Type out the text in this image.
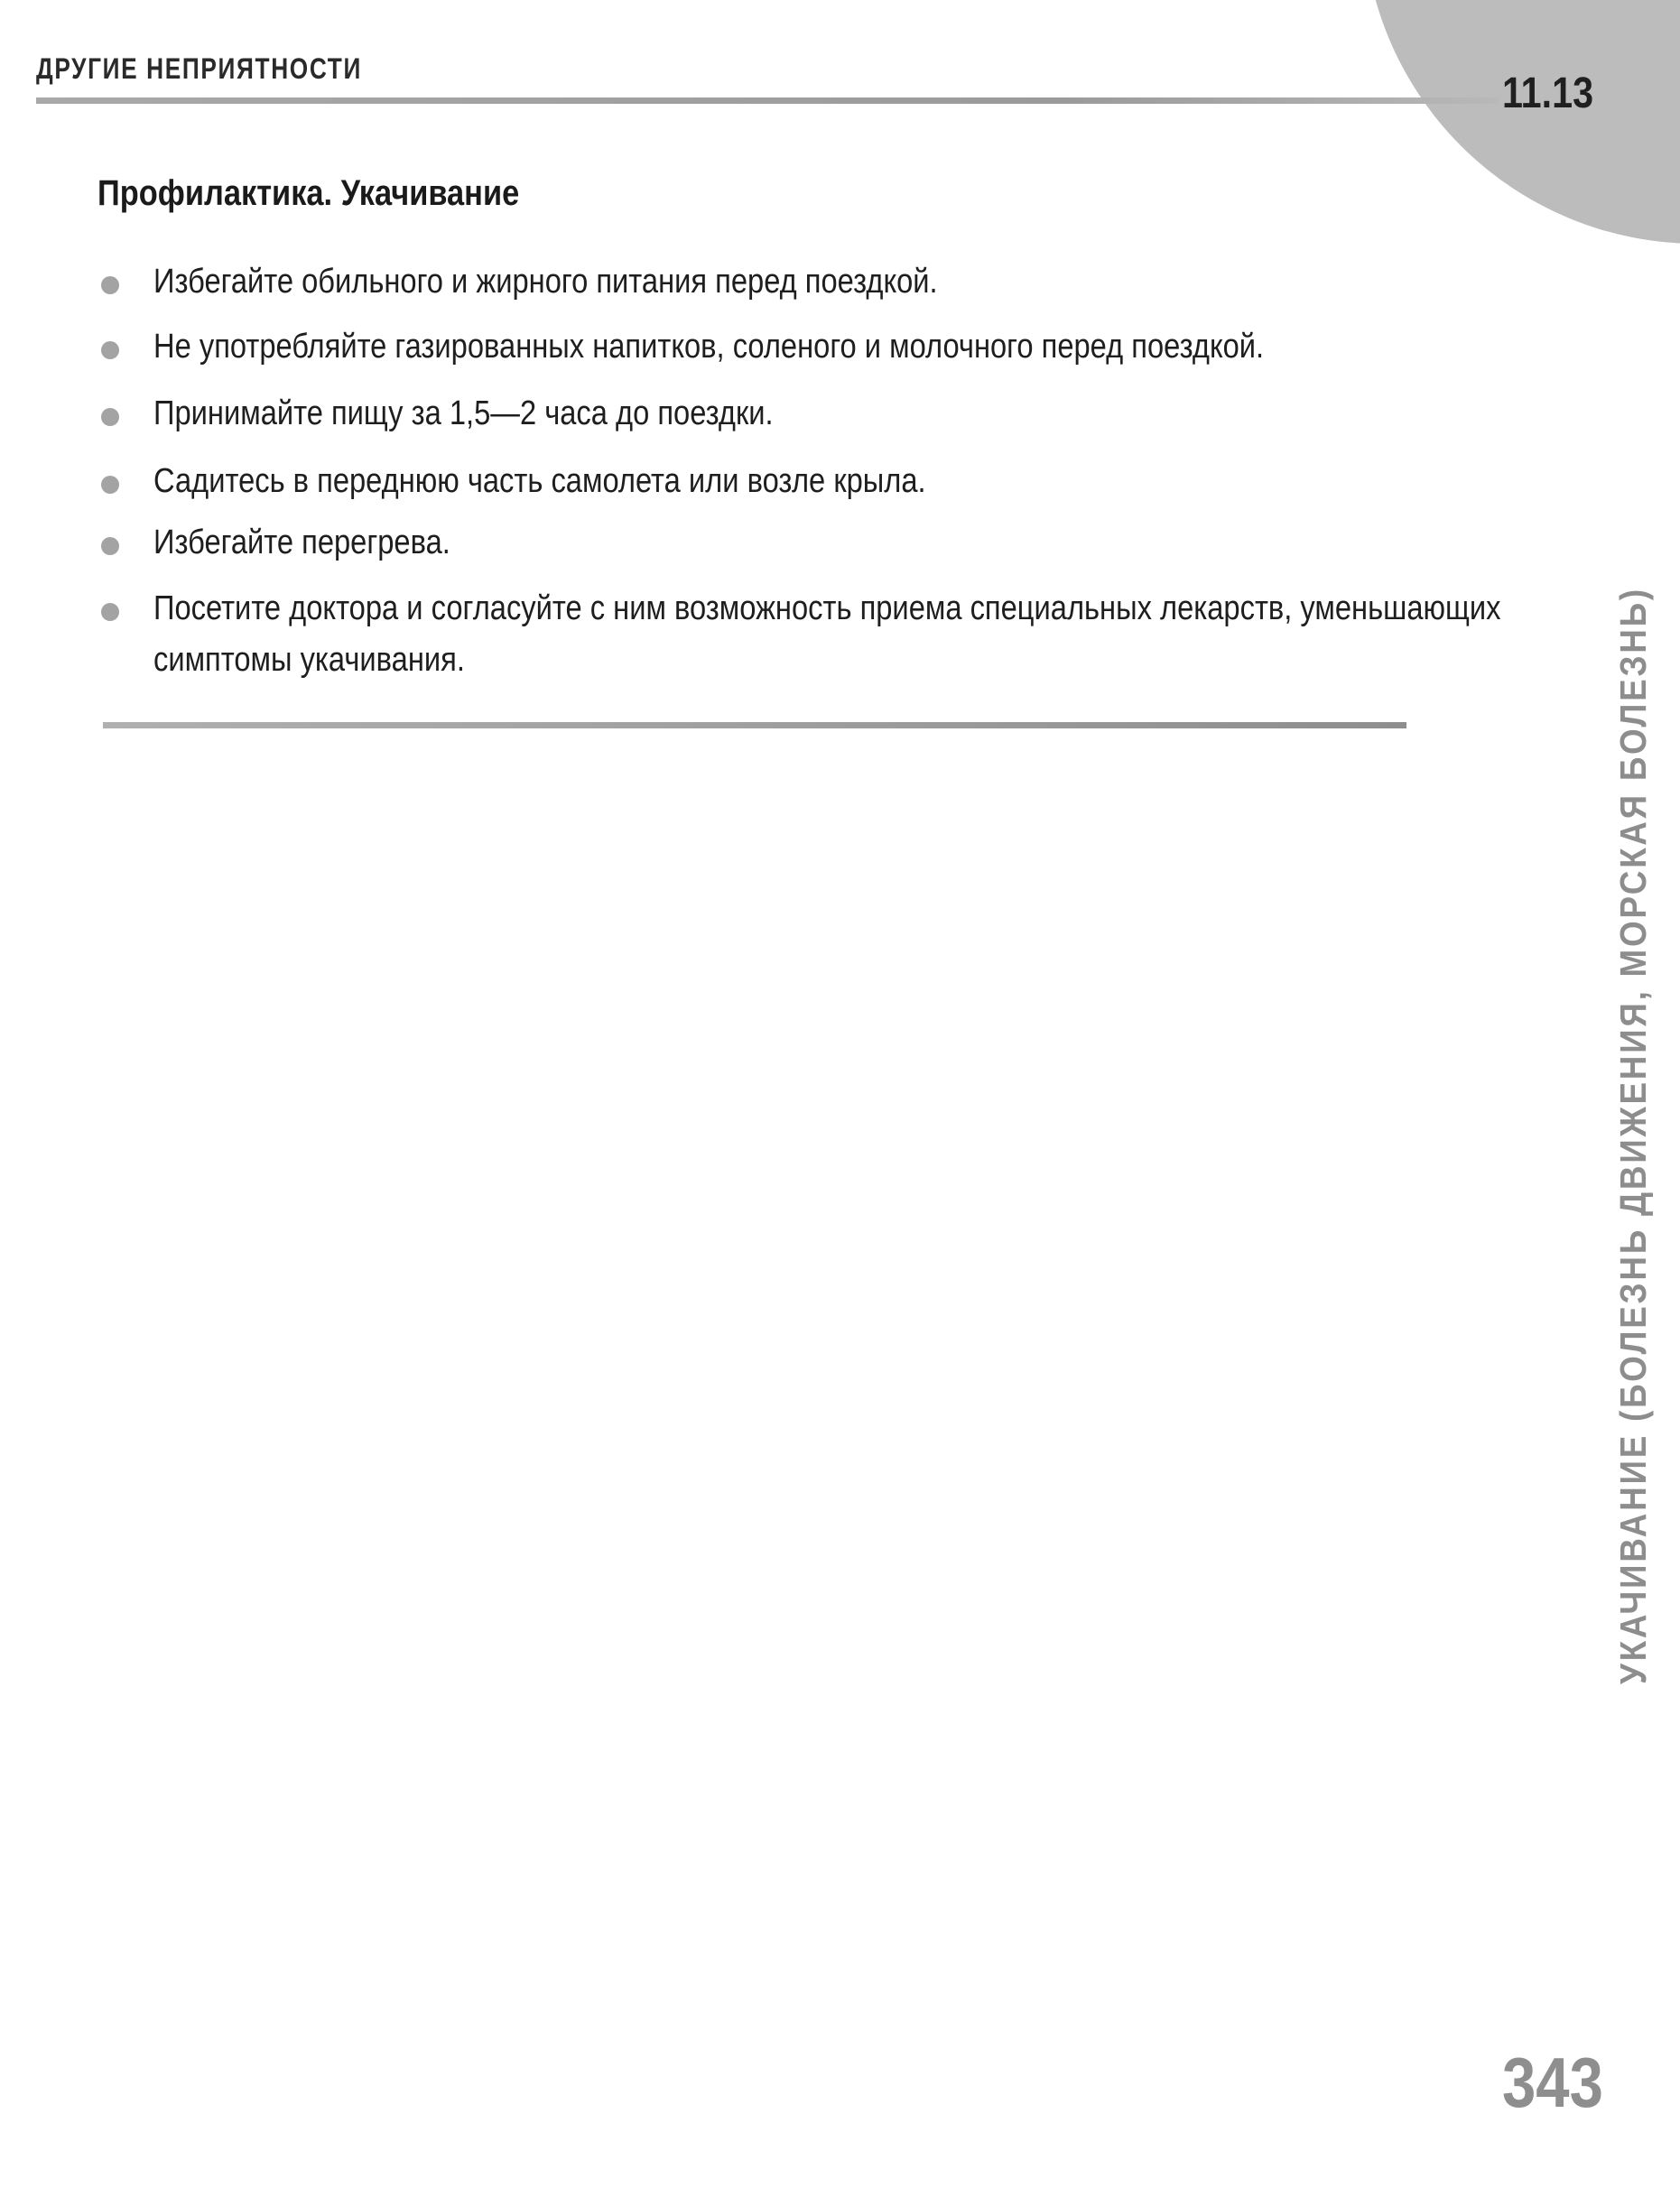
ДРУГИЕ НЕПРИЯТНОСТИ
11.13
Профилактика. Укачивание
Избегайте обильного и жирного питания перед поездкой.
Не употребляйте газированных напитков, соленого и молочного перед поездкой.
Принимайте пищу за 1,5—2 часа до поездки.
Садитесь в переднюю часть самолета или возле крыла.
Избегайте перегрева.
Посетите доктора и согласуйте с ним возможность приема специальных лекарств, уменьшающих симптомы укачивания.	УКАЧИВАНИЕ (БОЛЕЗНЬ ДВИЖЕНИЯ, МОРСКАЯ БОЛЕЗНЬ)
343
